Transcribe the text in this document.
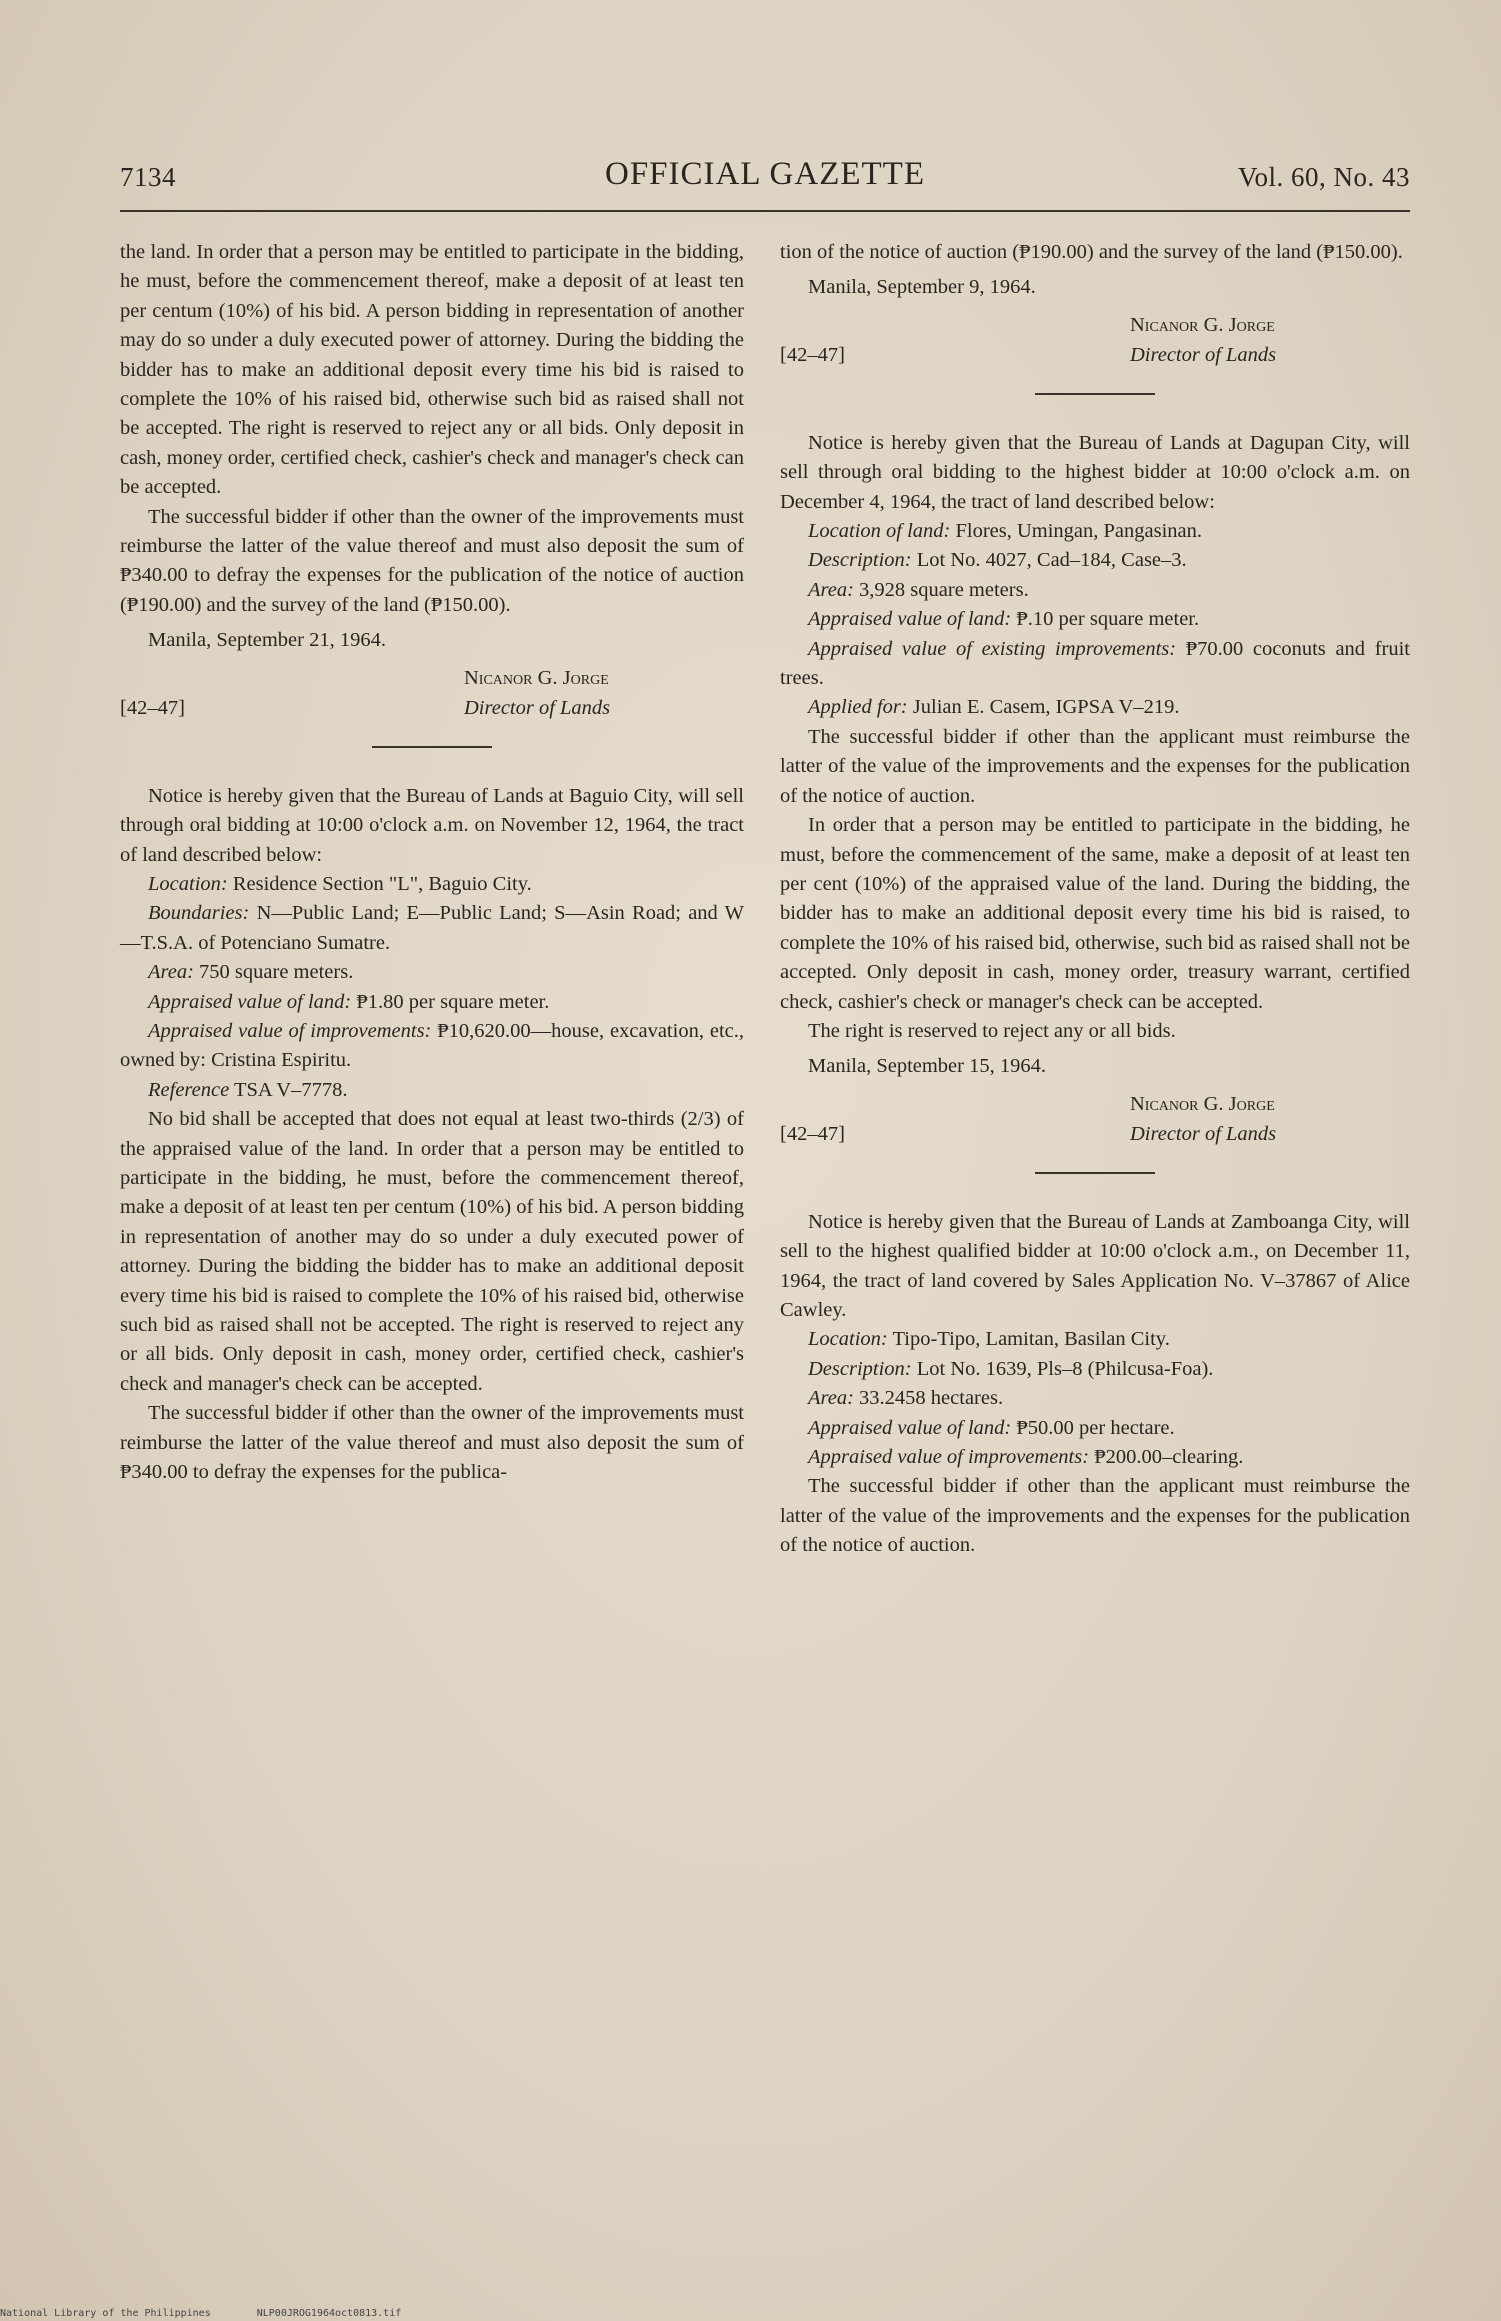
7134	OFFICIAL GAZETTE	Vol. 60, No. 43

the land. In order that a person may be entitled to participate in the bidding, he must, before the commencement thereof, make a deposit of at least ten per centum (10%) of his bid. A person bidding in representation of another may do so under a duly executed power of attorney. During the bidding the bidder has to make an additional deposit every time his bid is raised to complete the 10% of his raised bid, otherwise such bid as raised shall not be accepted. The right is reserved to reject any or all bids. Only deposit in cash, money order, certified check, cashier's check and manager's check can be accepted.

The successful bidder if other than the owner of the improvements must reimburse the latter of the value thereof and must also deposit the sum of ₱340.00 to defray the expenses for the publication of the notice of auction (₱190.00) and the survey of the land (₱150.00).

Manila, September 21, 1964.

[42–47]
Nicanor G. Jorge
Director of Lands

Notice is hereby given that the Bureau of Lands at Baguio City, will sell through oral bidding at 10:00 o'clock a.m. on November 12, 1964, the tract of land described below:

Location: Residence Section "L", Baguio City.

Boundaries: N—Public Land; E—Public Land; S—Asin Road; and W—T.S.A. of Potenciano Sumatre.

Area: 750 square meters.

Appraised value of land: ₱1.80 per square meter.

Appraised value of improvements: ₱10,620.00—house, excavation, etc., owned by: Cristina Espiritu.

Reference TSA V–7778.

No bid shall be accepted that does not equal at least two-thirds (2/3) of the appraised value of the land. In order that a person may be entitled to participate in the bidding, he must, before the commencement thereof, make a deposit of at least ten per centum (10%) of his bid. A person bidding in representation of another may do so under a duly executed power of attorney. During the bidding the bidder has to make an additional deposit every time his bid is raised to complete the 10% of his raised bid, otherwise such bid as raised shall not be accepted. The right is reserved to reject any or all bids. Only deposit in cash, money order, certified check, cashier's check and manager's check can be accepted.

The successful bidder if other than the owner of the improvements must reimburse the latter of the value thereof and must also deposit the sum of ₱340.00 to defray the expenses for the publica-

tion of the notice of auction (₱190.00) and the survey of the land (₱150.00).

Manila, September 9, 1964.

[42–47]
Nicanor G. Jorge
Director of Lands

Notice is hereby given that the Bureau of Lands at Dagupan City, will sell through oral bidding to the highest bidder at 10:00 o'clock a.m. on December 4, 1964, the tract of land described below:

Location of land: Flores, Umingan, Pangasinan.

Description: Lot No. 4027, Cad–184, Case–3.

Area: 3,928 square meters.

Appraised value of land: ₱.10 per square meter.

Appraised value of existing improvements: ₱70.00 coconuts and fruit trees.

Applied for: Julian E. Casem, IGPSA V–219.

The successful bidder if other than the applicant must reimburse the latter of the value of the improvements and the expenses for the publication of the notice of auction.

In order that a person may be entitled to participate in the bidding, he must, before the commencement of the same, make a deposit of at least ten per cent (10%) of the appraised value of the land. During the bidding, the bidder has to make an additional deposit every time his bid is raised, to complete the 10% of his raised bid, otherwise, such bid as raised shall not be accepted. Only deposit in cash, money order, treasury warrant, certified check, cashier's check or manager's check can be accepted.

The right is reserved to reject any or all bids.

Manila, September 15, 1964.

[42–47]
Nicanor G. Jorge
Director of Lands

Notice is hereby given that the Bureau of Lands at Zamboanga City, will sell to the highest qualified bidder at 10:00 o'clock a.m., on December 11, 1964, the tract of land covered by Sales Application No. V–37867 of Alice Cawley.

Location: Tipo-Tipo, Lamitan, Basilan City.

Description: Lot No. 1639, Pls–8 (Philcusa-Foa).

Area: 33.2458 hectares.

Appraised value of land: ₱50.00 per hectare.

Appraised value of improvements: ₱200.00–clearing.

The successful bidder if other than the applicant must reimburse the latter of the value of the improvements and the expenses for the publication of the notice of auction.

National Library of the Philippines	NLP00JROG1964oct0813.tif
